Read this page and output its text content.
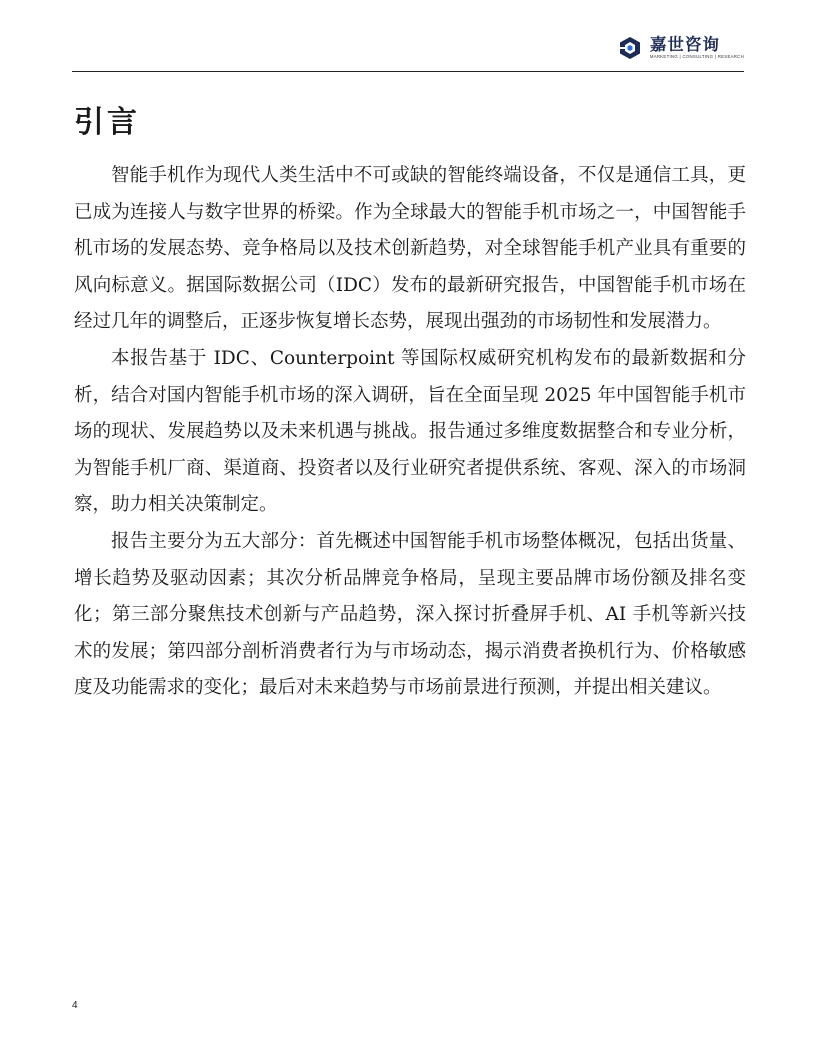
嘉世咨询
MARKETING | CONSULTING | RESEARCH
引言

智能手机作为现代人类生活中不可或缺的智能终端设备，不仅是通信工具，更已成为连接人与数字世界的桥梁。作为全球最大的智能手机市场之一，中国智能手机市场的发展态势、竞争格局以及技术创新趋势，对全球智能手机产业具有重要的风向标意义。据国际数据公司（IDC）发布的最新研究报告，中国智能手机市场在经过几年的调整后，正逐步恢复增长态势，展现出强劲的市场韧性和发展潜力。

本报告基于 IDC、Counterpoint 等国际权威研究机构发布的最新数据和分析，结合对国内智能手机市场的深入调研，旨在全面呈现 2025 年中国智能手机市场的现状、发展趋势以及未来机遇与挑战。报告通过多维度数据整合和专业分析，为智能手机厂商、渠道商、投资者以及行业研究者提供系统、客观、深入的市场洞察，助力相关决策制定。

报告主要分为五大部分：首先概述中国智能手机市场整体概况，包括出货量、增长趋势及驱动因素；其次分析品牌竞争格局，呈现主要品牌市场份额及排名变化；第三部分聚焦技术创新与产品趋势，深入探讨折叠屏手机、AI 手机等新兴技术的发展；第四部分剖析消费者行为与市场动态，揭示消费者换机行为、价格敏感度及功能需求的变化；最后对未来趋势与市场前景进行预测，并提出相关建议。

4
